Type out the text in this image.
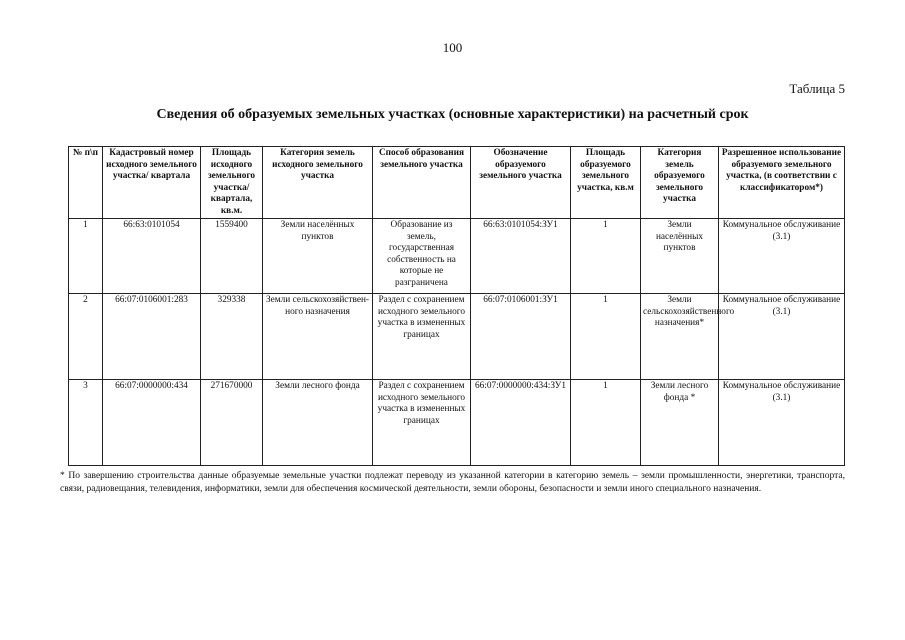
100
Таблица 5
Сведения об образуемых земельных участках (основные характеристики) на расчетный срок
№ п\п	Кадастровый номер исходного земельного участка/ квартала	Площадь исходного земельного участка/ квартала, кв.м.	Категория земель исходного земельного участка	Способ образования земельного участка	Обозначение образуемого земельного участка	Площадь образуемого земельного участка, кв.м	Категория земель образуемого земельного участка	Разрешенное использование образуемого земельного участка, (в соответствии с классификатором*)
1	66:63:0101054	1559400	Земли населённых пунктов	Образование из земель, государственная собственность на которые не разграничена	66:63:0101054:ЗУ1	1	Земли населённых пунктов	Коммунальное обслуживание (3.1)
2	66:07:0106001:283	329338	Земли сельскохозяйствен-ного назначения	Раздел с сохранением исходного земельного участка в измененных границах	66:07:0106001:ЗУ1	1	Земли сельскохозяйственного назначения*	Коммунальное обслуживание (3.1)
3	66:07:0000000:434	271670000	Земли лесного фонда	Раздел с сохранением исходного земельного участка в измененных границах	66:07:0000000:434:ЗУ1	1	Земли лесного фонда *	Коммунальное обслуживание (3.1)
* По завершению строительства данные образуемые земельные участки подлежат переводу из указанной категории в категорию земель – земли промышленности, энергетики, транспорта, связи, радиовещания, телевидения, информатики, земли для обеспечения космической деятельности, земли обороны, безопасности и земли иного специального назначения.
